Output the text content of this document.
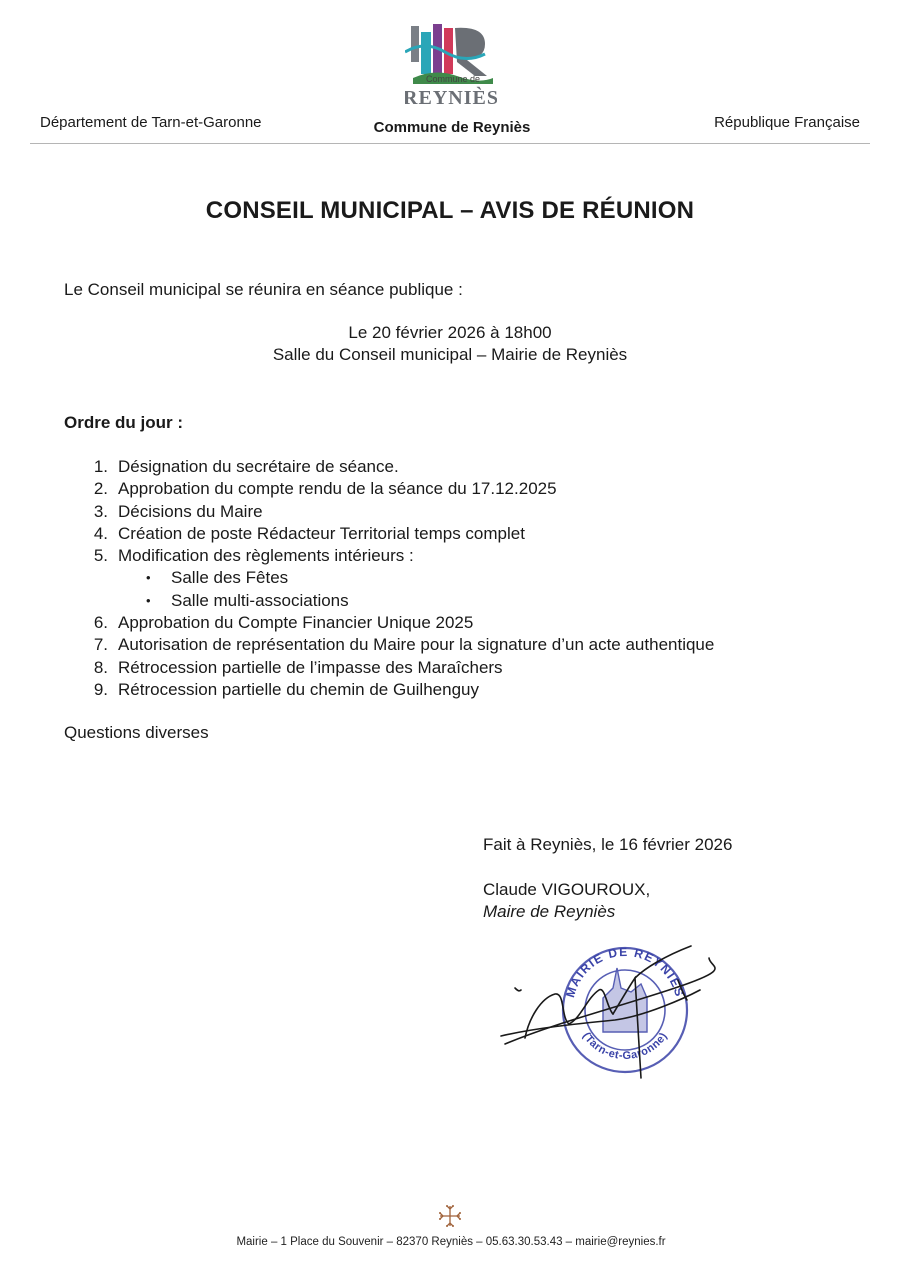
Commune de
REYNIÈS
Département de Tarn-et-Garonne	Commune de Reyniès	République Française
CONSEIL MUNICIPAL – AVIS DE RÉUNION
Le Conseil municipal se réunira en séance publique :
Le 20 février 2026 à 18h00
Salle du Conseil municipal – Mairie de Reyniès
Ordre du jour :
1. Désignation du secrétaire de séance.
2. Approbation du compte rendu de la séance du 17.12.2025
3. Décisions du Maire
4. Création de poste Rédacteur Territorial temps complet
5. Modification des règlements intérieurs :
• Salle des Fêtes
• Salle multi-associations
6. Approbation du Compte Financier Unique 2025
7. Autorisation de représentation du Maire pour la signature d’un acte authentique
8. Rétrocession partielle de l’impasse des Maraîchers
9. Rétrocession partielle du chemin de Guilhenguy
Questions diverses
Fait à Reyniès, le 16 février 2026
Claude VIGOUROUX,
Maire de Reyniès
MAIRIE DE REYNIES
(Tarn-et-Garonne)
Mairie – 1 Place du Souvenir – 82370 Reyniès – 05.63.30.53.43 – mairie@reynies.fr
